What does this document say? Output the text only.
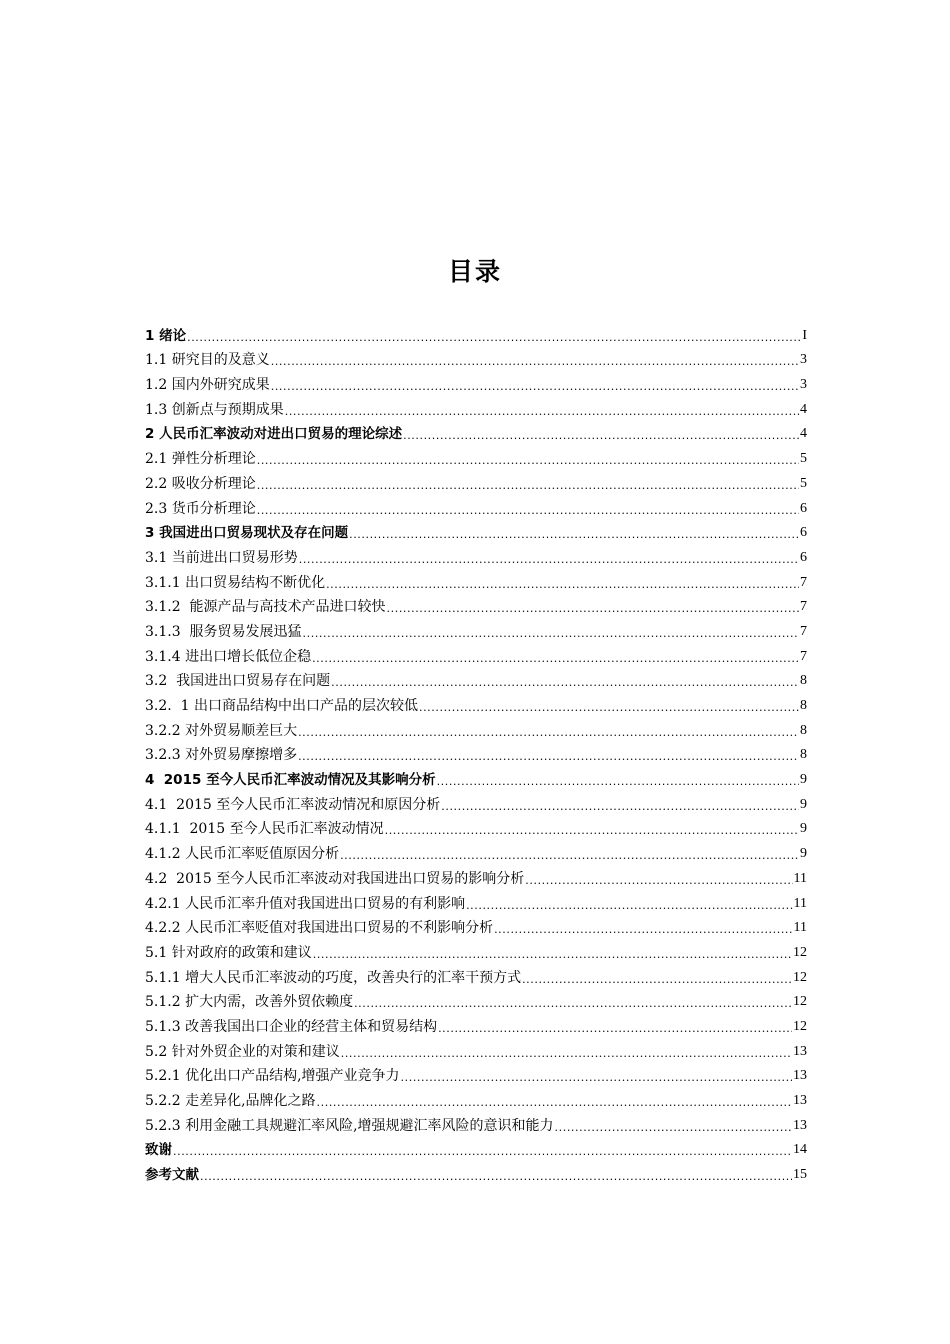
目录
1 绪论 .....	I
1.1 研究目的及意义 .....	3
1.2 国内外研究成果 .....	3
1.3 创新点与预期成果 .....	4
2 人民币汇率波动对进出口贸易的理论综述 .....	4
2.1 弹性分析理论 .....	5
2.2 吸收分析理论 .....	5
2.3 货币分析理论 .....	6
3 我国进出口贸易现状及存在问题 .....	6
3.1 当前进出口贸易形势 .....	6
3.1.1 出口贸易结构不断优化 .....	7
3.1.2  能源产品与高技术产品进口较快 .....	7
3.1.3  服务贸易发展迅猛 .....	7
3.1.4 进出口增长低位企稳 .....	7
3.2  我国进出口贸易存在问题 .....	8
3.2.  1 出口商品结构中出口产品的层次较低 .....	8
3.2.2 对外贸易顺差巨大 .....	8
3.2.3 对外贸易摩擦增多 .....	8
4  2015 至今人民币汇率波动情况及其影响分析 .....	9
4.1  2015 至今人民币汇率波动情况和原因分析 .....	9
4.1.1  2015 至今人民币汇率波动情况 .....	9
4.1.2 人民币汇率贬值原因分析 .....	9
4.2  2015 至今人民币汇率波动对我国进出口贸易的影响分析 .....	11
4.2.1 人民币汇率升值对我国进出口贸易的有利影响 .....	11
4.2.2 人民币汇率贬值对我国进出口贸易的不利影响分析 .....	11
5.1 针对政府的政策和建议 .....	12
5.1.1 增大人民币汇率波动的巧度，改善央行的汇率干预方式 .....	12
5.1.2 扩大内需，改善外贸依赖度 .....	12
5.1.3 改善我国出口企业的经营主体和贸易结构 .....	12
5.2 针对外贸企业的对策和建议 .....	13
5.2.1 优化出口产品结构,增强产业竞争力 .....	13
5.2.2 走差异化,品牌化之路 .....	13
5.2.3 利用金融工具规避汇率风险,增强规避汇率风险的意识和能力 .....	13
致谢 .....	14
参考文献 .....	15
